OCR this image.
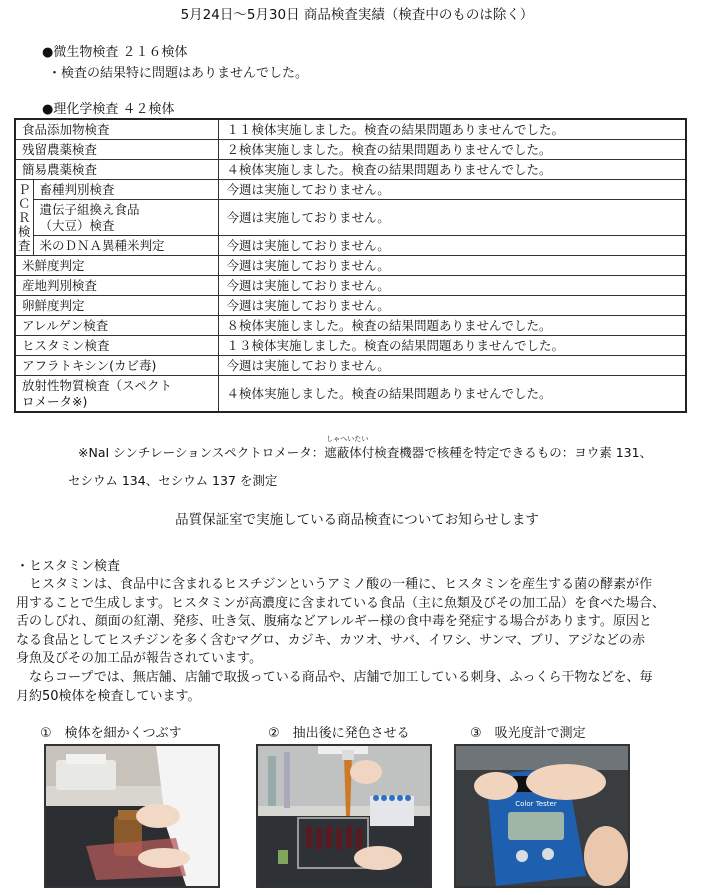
5月24日～5月30日 商品検査実績（検査中のものは除く）
●微生物検査 ２１６検体
・検査の結果特に問題はありませんでした。
●理化学検査 ４２検体
食品添加物検査		１１検体実施しました。検査の結果問題ありませんでした。
残留農薬検査		２検体実施しました。検査の結果問題ありませんでした。
簡易農薬検査		４検体実施しました。検査の結果問題ありませんでした。
Ｐ
Ｃ
Ｒ
検
査	畜種判別検査	今週は実施しておりません。
	遺伝子組換え食品
（大豆）検査	今週は実施しておりません。
	米のＤＮＡ異種米判定	今週は実施しておりません。
米鮮度判定		今週は実施しておりません。
産地判別検査		今週は実施しておりません。
卵鮮度判定		今週は実施しておりません。
アレルゲン検査		８検体実施しました。検査の結果問題ありませんでした。
ヒスタミン検査		１３検体実施しました。検査の結果問題ありませんでした。
アフラトキシン(カビ毒)		今週は実施しておりません。
放射性物質検査（スペクト
ロメータ※)		４検体実施しました。検査の結果問題ありませんでした。
※NaI シンチレーションスペクトロメータ：
しゃへいたい
遮蔽体付検査機器で核種を特定できるもの：ヨウ素 131、
セシウム 134、セシウム 137 を測定
品質保証室で実施している商品検査についてお知らせします
・ヒスタミン検査
　ヒスタミンは、食品中に含まれるヒスチジンというアミノ酸の一種に、ヒスタミンを産生する菌の酵素が作
用することで生成します。ヒスタミンが高濃度に含まれている食品（主に魚類及びその加工品）を食べた場合、
舌のしびれ、顔面の紅潮、発疹、吐き気、腹痛などアレルギー様の食中毒を発症する場合があります。原因と
なる食品としてヒスチジンを多く含むマグロ、カジキ、カツオ、サバ、イワシ、サンマ、ブリ、アジなどの赤
身魚及びその加工品が報告されています。
　ならコープでは、無店舗、店舗で取扱っている商品や、店舗で加工している刺身、ふっくら干物などを、毎
月約50検体を検査しています。
①　検体を細かくつぶす	②　抽出後に発色させる	③　吸光度計で測定
Color Tester
